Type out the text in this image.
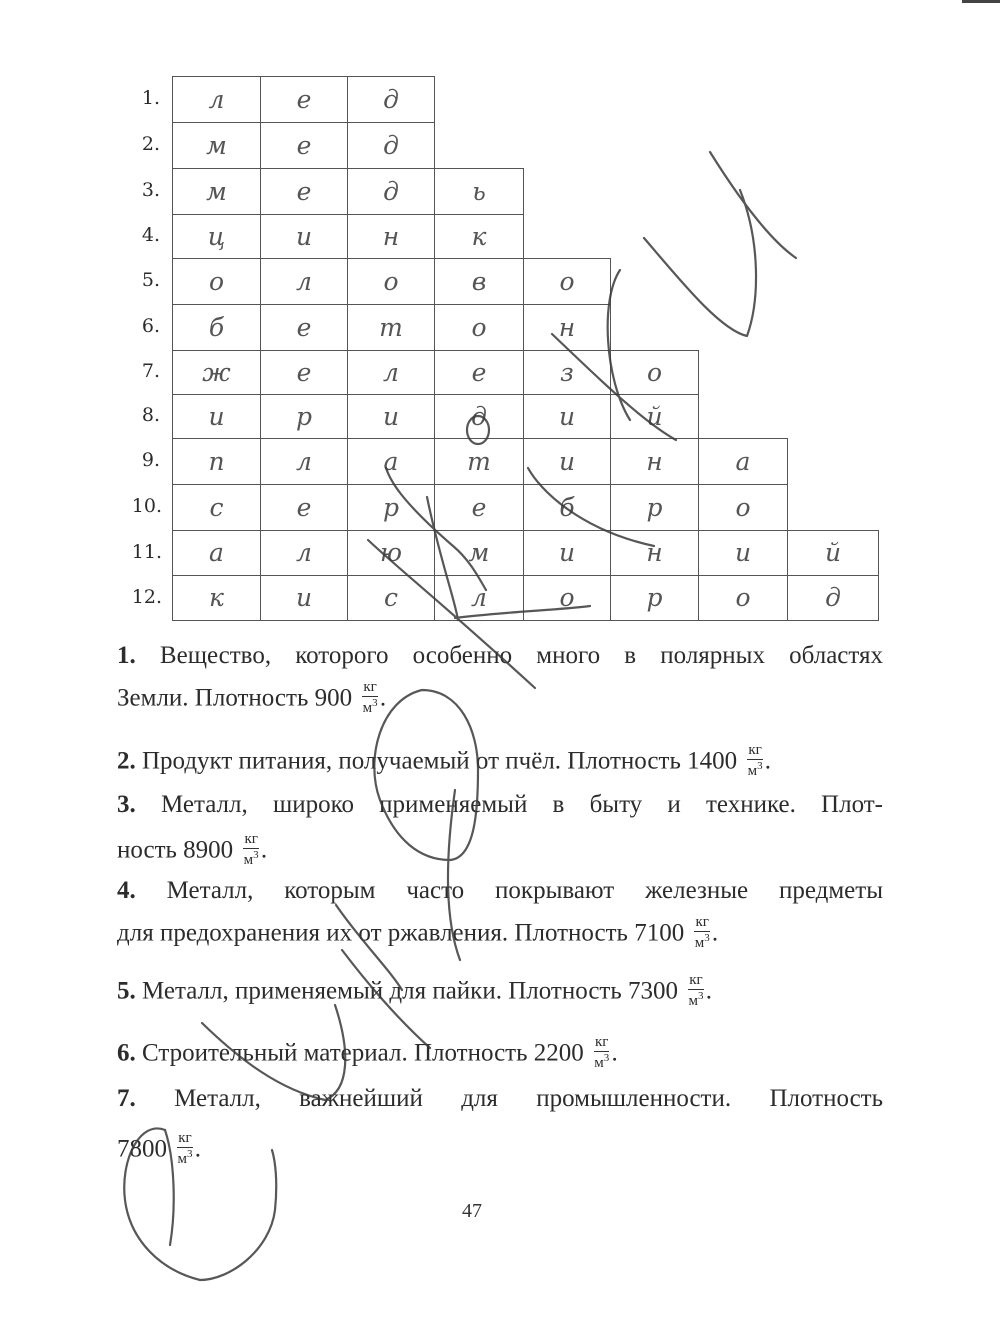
1.	л	е	д
2.	м	е	д
3.	м	е	д	ь
4.	ц	и	н	к
5.	о	л	о	в	о
6.	б	е	т	о	н
7.	ж	е	л	е	з	о
8.	и	р	и	д	и	й
9.	п	л	а	т	и	н	а
10.	с	е	р	е	б	р	о
11.	а	л	ю	м	и	н	и	й
12.	к	и	с	л	о	р	о	д
1. Вещество, которого особенно много в полярных областях
Земли. Плотность $900 \frac{кг}{м^3}$ .
2. Продукт питания, получаемый от пчёл. Плотность $1400 \frac{кг}{м^3}$ .
3. Металл, широко применяемый в быту и технике. Плот-
ность $8900 \frac{кг}{м^3}$ .
4. Металл, которым часто покрывают железные предметы
для предохранения их от ржавления. Плотность $7100 \frac{кг}{м^3}$ .
5. Металл, применяемый для пайки. Плотность $7300 \frac{кг}{м^3}$ .
6. Строительный материал. Плотность $2200 \frac{кг}{м^3}$ .
7. Металл, важнейший для промышленности. Плотность
$7800 \frac{кг}{м^3}$ .
47
